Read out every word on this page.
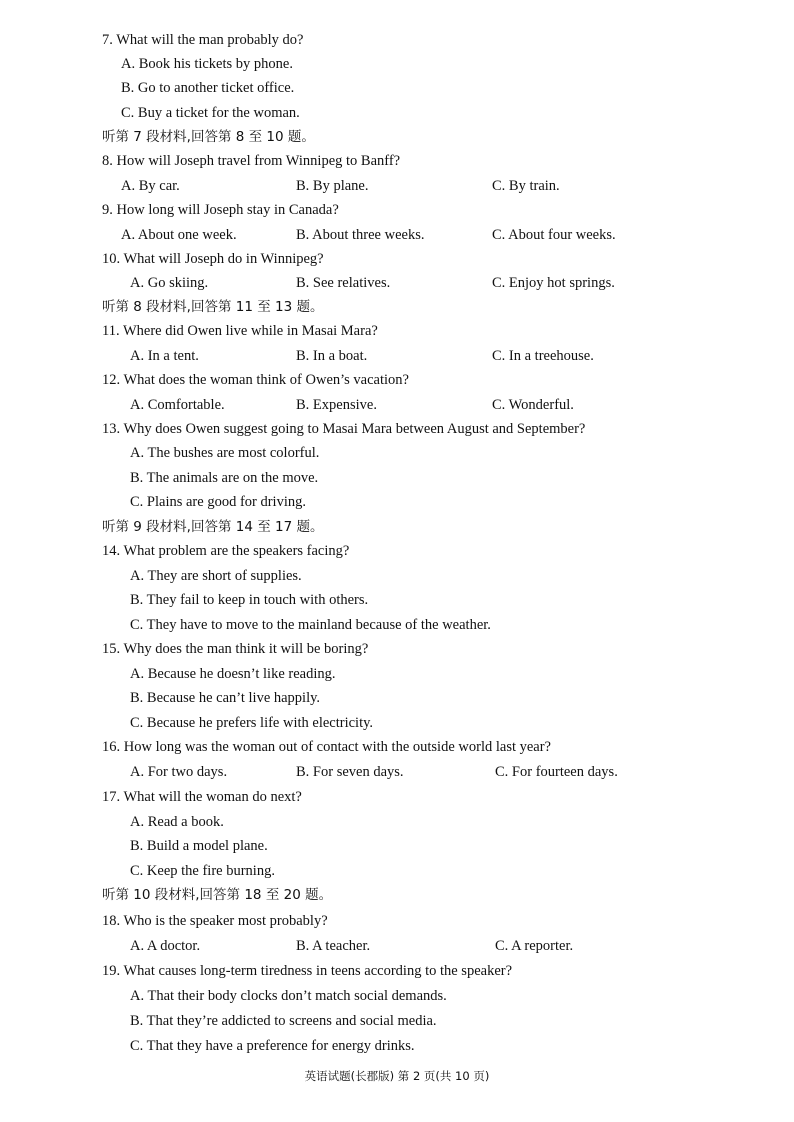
7. What will the man probably do?
A. Book his tickets by phone.
B. Go to another ticket office.
C. Buy a ticket for the woman.
听第 7 段材料,回答第 8 至 10 题。
8. How will Joseph travel from Winnipeg to Banff?
A. By car.	B. By plane.	C. By train.
9. How long will Joseph stay in Canada?
A. About one week.	B. About three weeks.	C. About four weeks.
10. What will Joseph do in Winnipeg?
A. Go skiing.	B. See relatives.	C. Enjoy hot springs.
听第 8 段材料,回答第 11 至 13 题。
11. Where did Owen live while in Masai Mara?
A. In a tent.	B. In a boat.	C. In a treehouse.
12. What does the woman think of Owen’s vacation?
A. Comfortable.	B. Expensive.	C. Wonderful.
13. Why does Owen suggest going to Masai Mara between August and September?
A. The bushes are most colorful.
B. The animals are on the move.
C. Plains are good for driving.
听第 9 段材料,回答第 14 至 17 题。
14. What problem are the speakers facing?
A. They are short of supplies.
B. They fail to keep in touch with others.
C. They have to move to the mainland because of the weather.
15. Why does the man think it will be boring?
A. Because he doesn’t like reading.
B. Because he can’t live happily.
C. Because he prefers life with electricity.
16. How long was the woman out of contact with the outside world last year?
A. For two days.	B. For seven days.	C. For fourteen days.
17. What will the woman do next?
A. Read a book.
B. Build a model plane.
C. Keep the fire burning.
听第 10 段材料,回答第 18 至 20 题。
18. Who is the speaker most probably?
A. A doctor.	B. A teacher.	C. A reporter.
19. What causes long-term tiredness in teens according to the speaker?
A. That their body clocks don’t match social demands.
B. That they’re addicted to screens and social media.
C. That they have a preference for energy drinks.
英语试题(长郡版) 第 2 页(共 10 页)
